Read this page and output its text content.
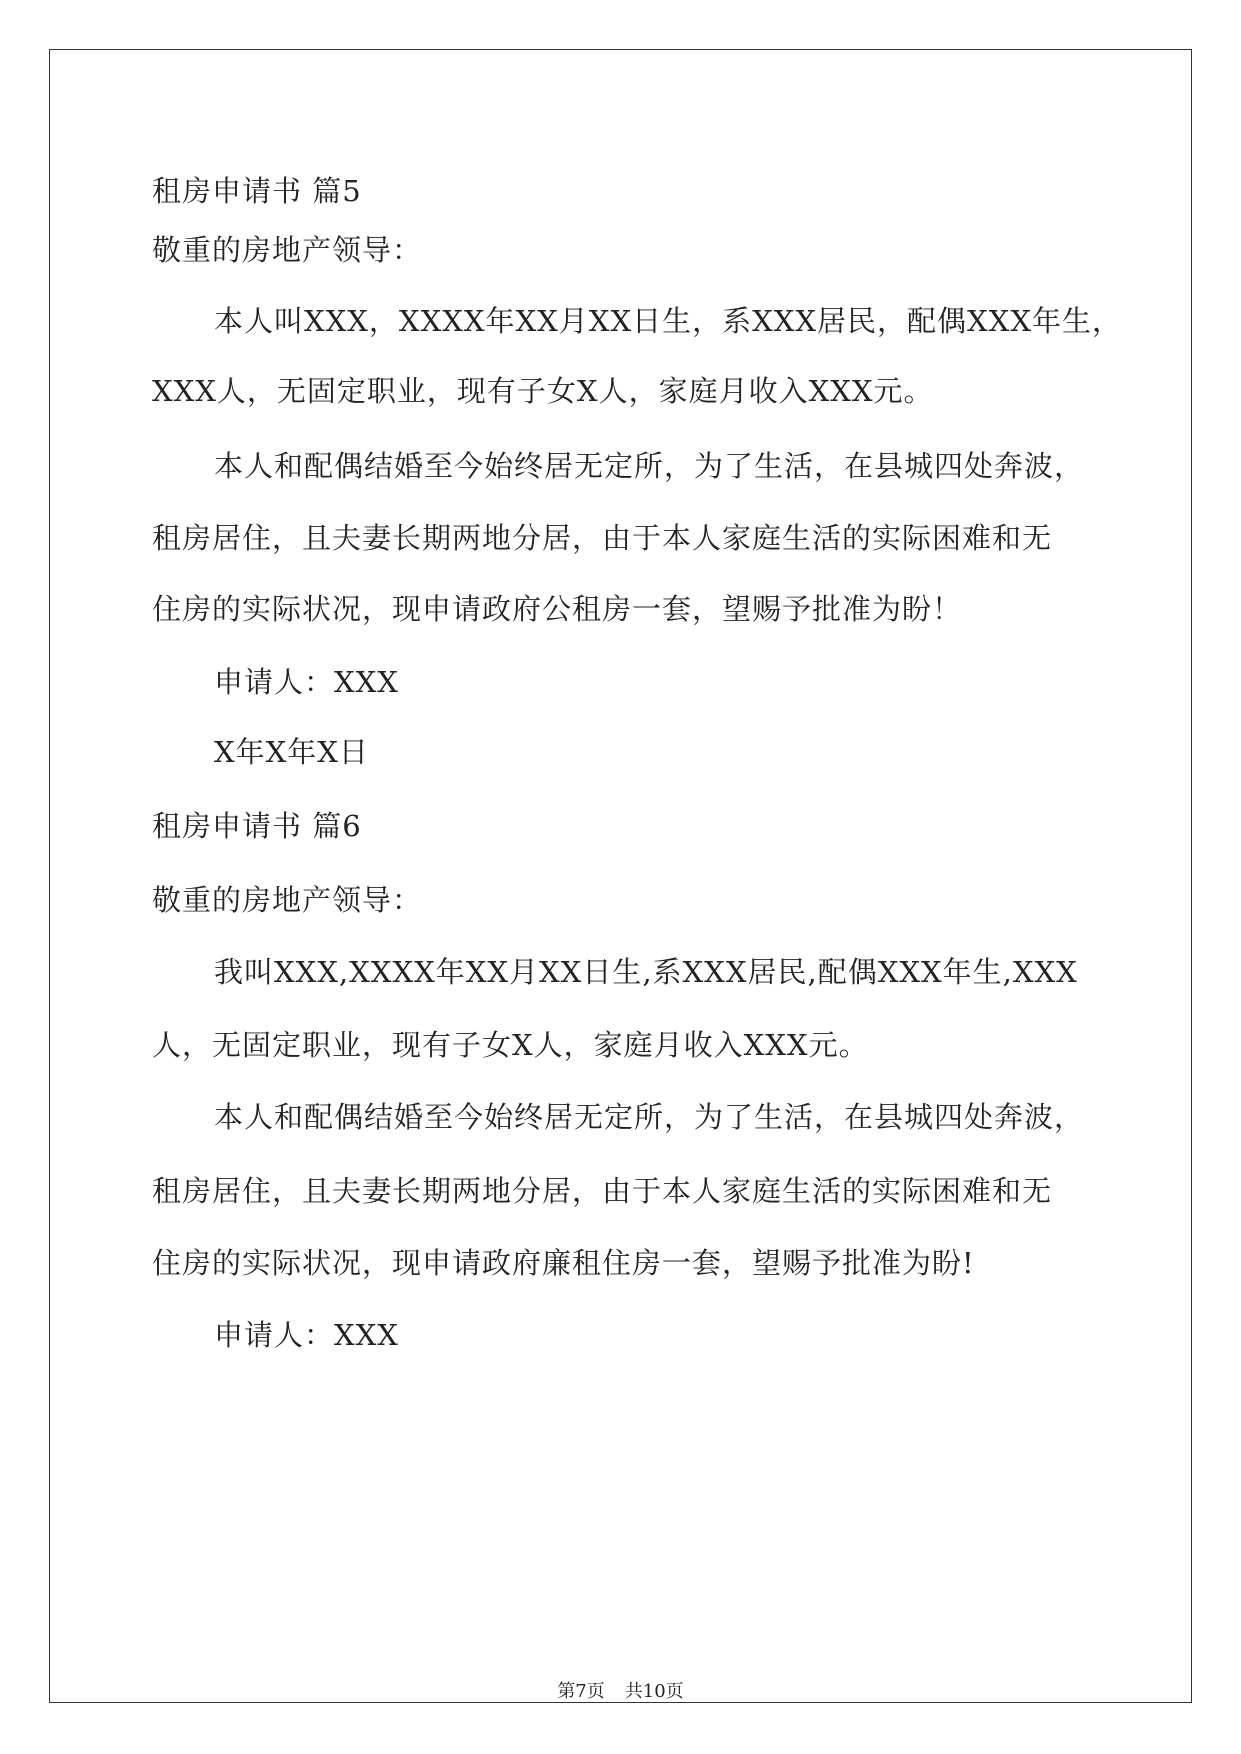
租房申请书 篇5
敬重的房地产领导：
本人叫XXX，XXXX年XX月XX日生，系XXX居民，配偶XXX年生，
XXX人，无固定职业，现有子女X人，家庭月收入XXX元。
本人和配偶结婚至今始终居无定所，为了生活，在县城四处奔波，
租房居住，且夫妻长期两地分居，由于本人家庭生活的实际困难和无
住房的实际状况，现申请政府公租房一套，望赐予批准为盼！
申请人：XXX
X年X年X日
租房申请书 篇6
敬重的房地产领导：
我叫XXX,XXXX年XX月XX日生,系XXX居民,配偶XXX年生,XXX
人，无固定职业，现有子女X人，家庭月收入XXX元。
本人和配偶结婚至今始终居无定所，为了生活，在县城四处奔波，
租房居住，且夫妻长期两地分居，由于本人家庭生活的实际困难和无
住房的实际状况，现申请政府廉租住房一套，望赐予批准为盼!
申请人：XXX
第7页 共10页
